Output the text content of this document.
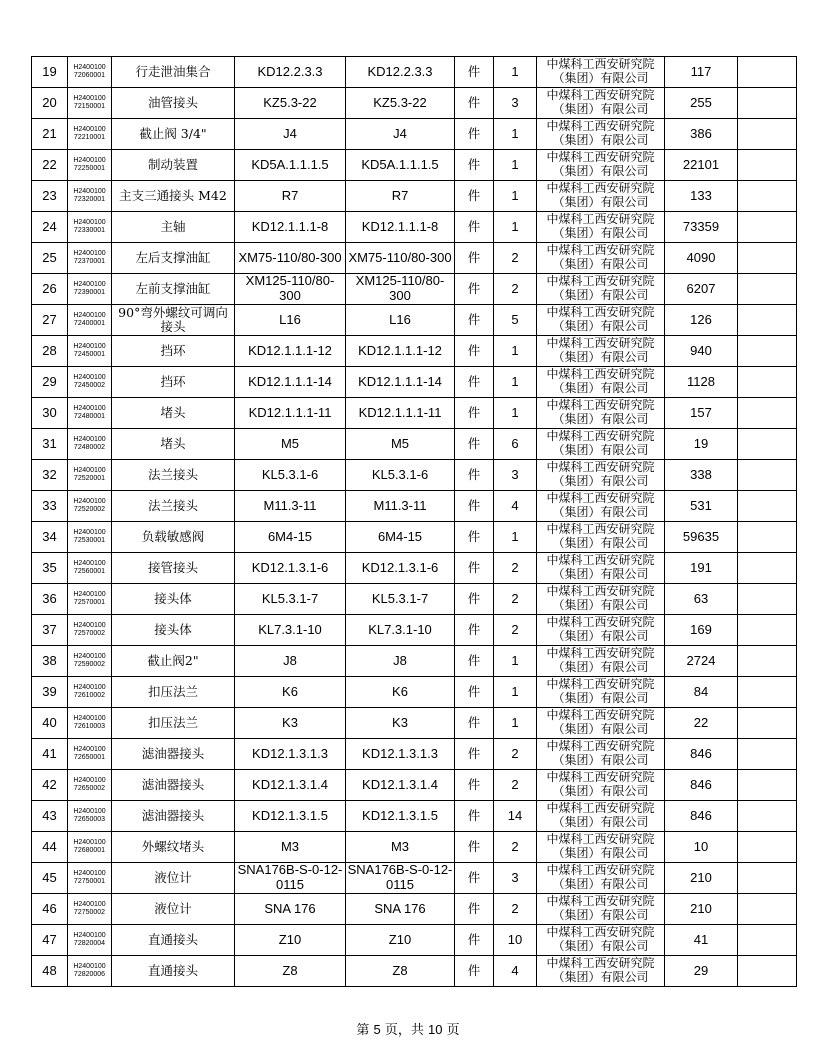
19	H2400100 72060001	行走泄油集合	KD12.2.3.3	KD12.2.3.3	件	1	中煤科工西安研究院（集团）有限公司	117	
20	H2400100 72150001	油管接头	KZ5.3-22	KZ5.3-22	件	3	中煤科工西安研究院（集团）有限公司	255	
21	H2400100 72210001	截止阀 3/4"	J4	J4	件	1	中煤科工西安研究院（集团）有限公司	386	
22	H2400100 72250001	制动装置	KD5A.1.1.1.5	KD5A.1.1.1.5	件	1	中煤科工西安研究院（集团）有限公司	22101	
23	H2400100 72320001	主支三通接头 M42	R7	R7	件	1	中煤科工西安研究院（集团）有限公司	133	
24	H2400100 72330001	主轴	KD12.1.1.1-8	KD12.1.1.1-8	件	1	中煤科工西安研究院（集团）有限公司	73359	
25	H2400100 72370001	左后支撑油缸	XM75-110/80-300	XM75-110/80-300	件	2	中煤科工西安研究院（集团）有限公司	4090	
26	H2400100 72390001	左前支撑油缸	XM125-110/80-300	XM125-110/80-300	件	2	中煤科工西安研究院（集团）有限公司	6207	
27	H2400100 72400001	90°弯外螺纹可调向接头	L16	L16	件	5	中煤科工西安研究院（集团）有限公司	126	
28	H2400100 72450001	挡环	KD12.1.1.1-12	KD12.1.1.1-12	件	1	中煤科工西安研究院（集团）有限公司	940	
29	H2400100 72450002	挡环	KD12.1.1.1-14	KD12.1.1.1-14	件	1	中煤科工西安研究院（集团）有限公司	1128	
30	H2400100 72480001	堵头	KD12.1.1.1-11	KD12.1.1.1-11	件	1	中煤科工西安研究院（集团）有限公司	157	
31	H2400100 72480002	堵头	M5	M5	件	6	中煤科工西安研究院（集团）有限公司	19	
32	H2400100 72520001	法兰接头	KL5.3.1-6	KL5.3.1-6	件	3	中煤科工西安研究院（集团）有限公司	338	
33	H2400100 72520002	法兰接头	M11.3-11	M11.3-11	件	4	中煤科工西安研究院（集团）有限公司	531	
34	H2400100 72530001	负载敏感阀	6M4-15	6M4-15	件	1	中煤科工西安研究院（集团）有限公司	59635	
35	H2400100 72560001	接管接头	KD12.1.3.1-6	KD12.1.3.1-6	件	2	中煤科工西安研究院（集团）有限公司	191	
36	H2400100 72570001	接头体	KL5.3.1-7	KL5.3.1-7	件	2	中煤科工西安研究院（集团）有限公司	63	
37	H2400100 72570002	接头体	KL7.3.1-10	KL7.3.1-10	件	2	中煤科工西安研究院（集团）有限公司	169	
38	H2400100 72590002	截止阀2"	J8	J8	件	1	中煤科工西安研究院（集团）有限公司	2724	
39	H2400100 72610002	扣压法兰	K6	K6	件	1	中煤科工西安研究院（集团）有限公司	84	
40	H2400100 72610003	扣压法兰	K3	K3	件	1	中煤科工西安研究院（集团）有限公司	22	
41	H2400100 72650001	滤油器接头	KD12.1.3.1.3	KD12.1.3.1.3	件	2	中煤科工西安研究院（集团）有限公司	846	
42	H2400100 72650002	滤油器接头	KD12.1.3.1.4	KD12.1.3.1.4	件	2	中煤科工西安研究院（集团）有限公司	846	
43	H2400100 72650003	滤油器接头	KD12.1.3.1.5	KD12.1.3.1.5	件	14	中煤科工西安研究院（集团）有限公司	846	
44	H2400100 72680001	外螺纹堵头	M3	M3	件	2	中煤科工西安研究院（集团）有限公司	10	
45	H2400100 72750001	液位计	SNA176B-S-0-12-0115	SNA176B-S-0-12-0115	件	3	中煤科工西安研究院（集团）有限公司	210	
46	H2400100 72750002	液位计	SNA 176	SNA 176	件	2	中煤科工西安研究院（集团）有限公司	210	
47	H2400100 72820004	直通接头	Z10	Z10	件	10	中煤科工西安研究院（集团）有限公司	41	
48	H2400100 72820006	直通接头	Z8	Z8	件	4	中煤科工西安研究院（集团）有限公司	29	
第 5 页，共 10 页
